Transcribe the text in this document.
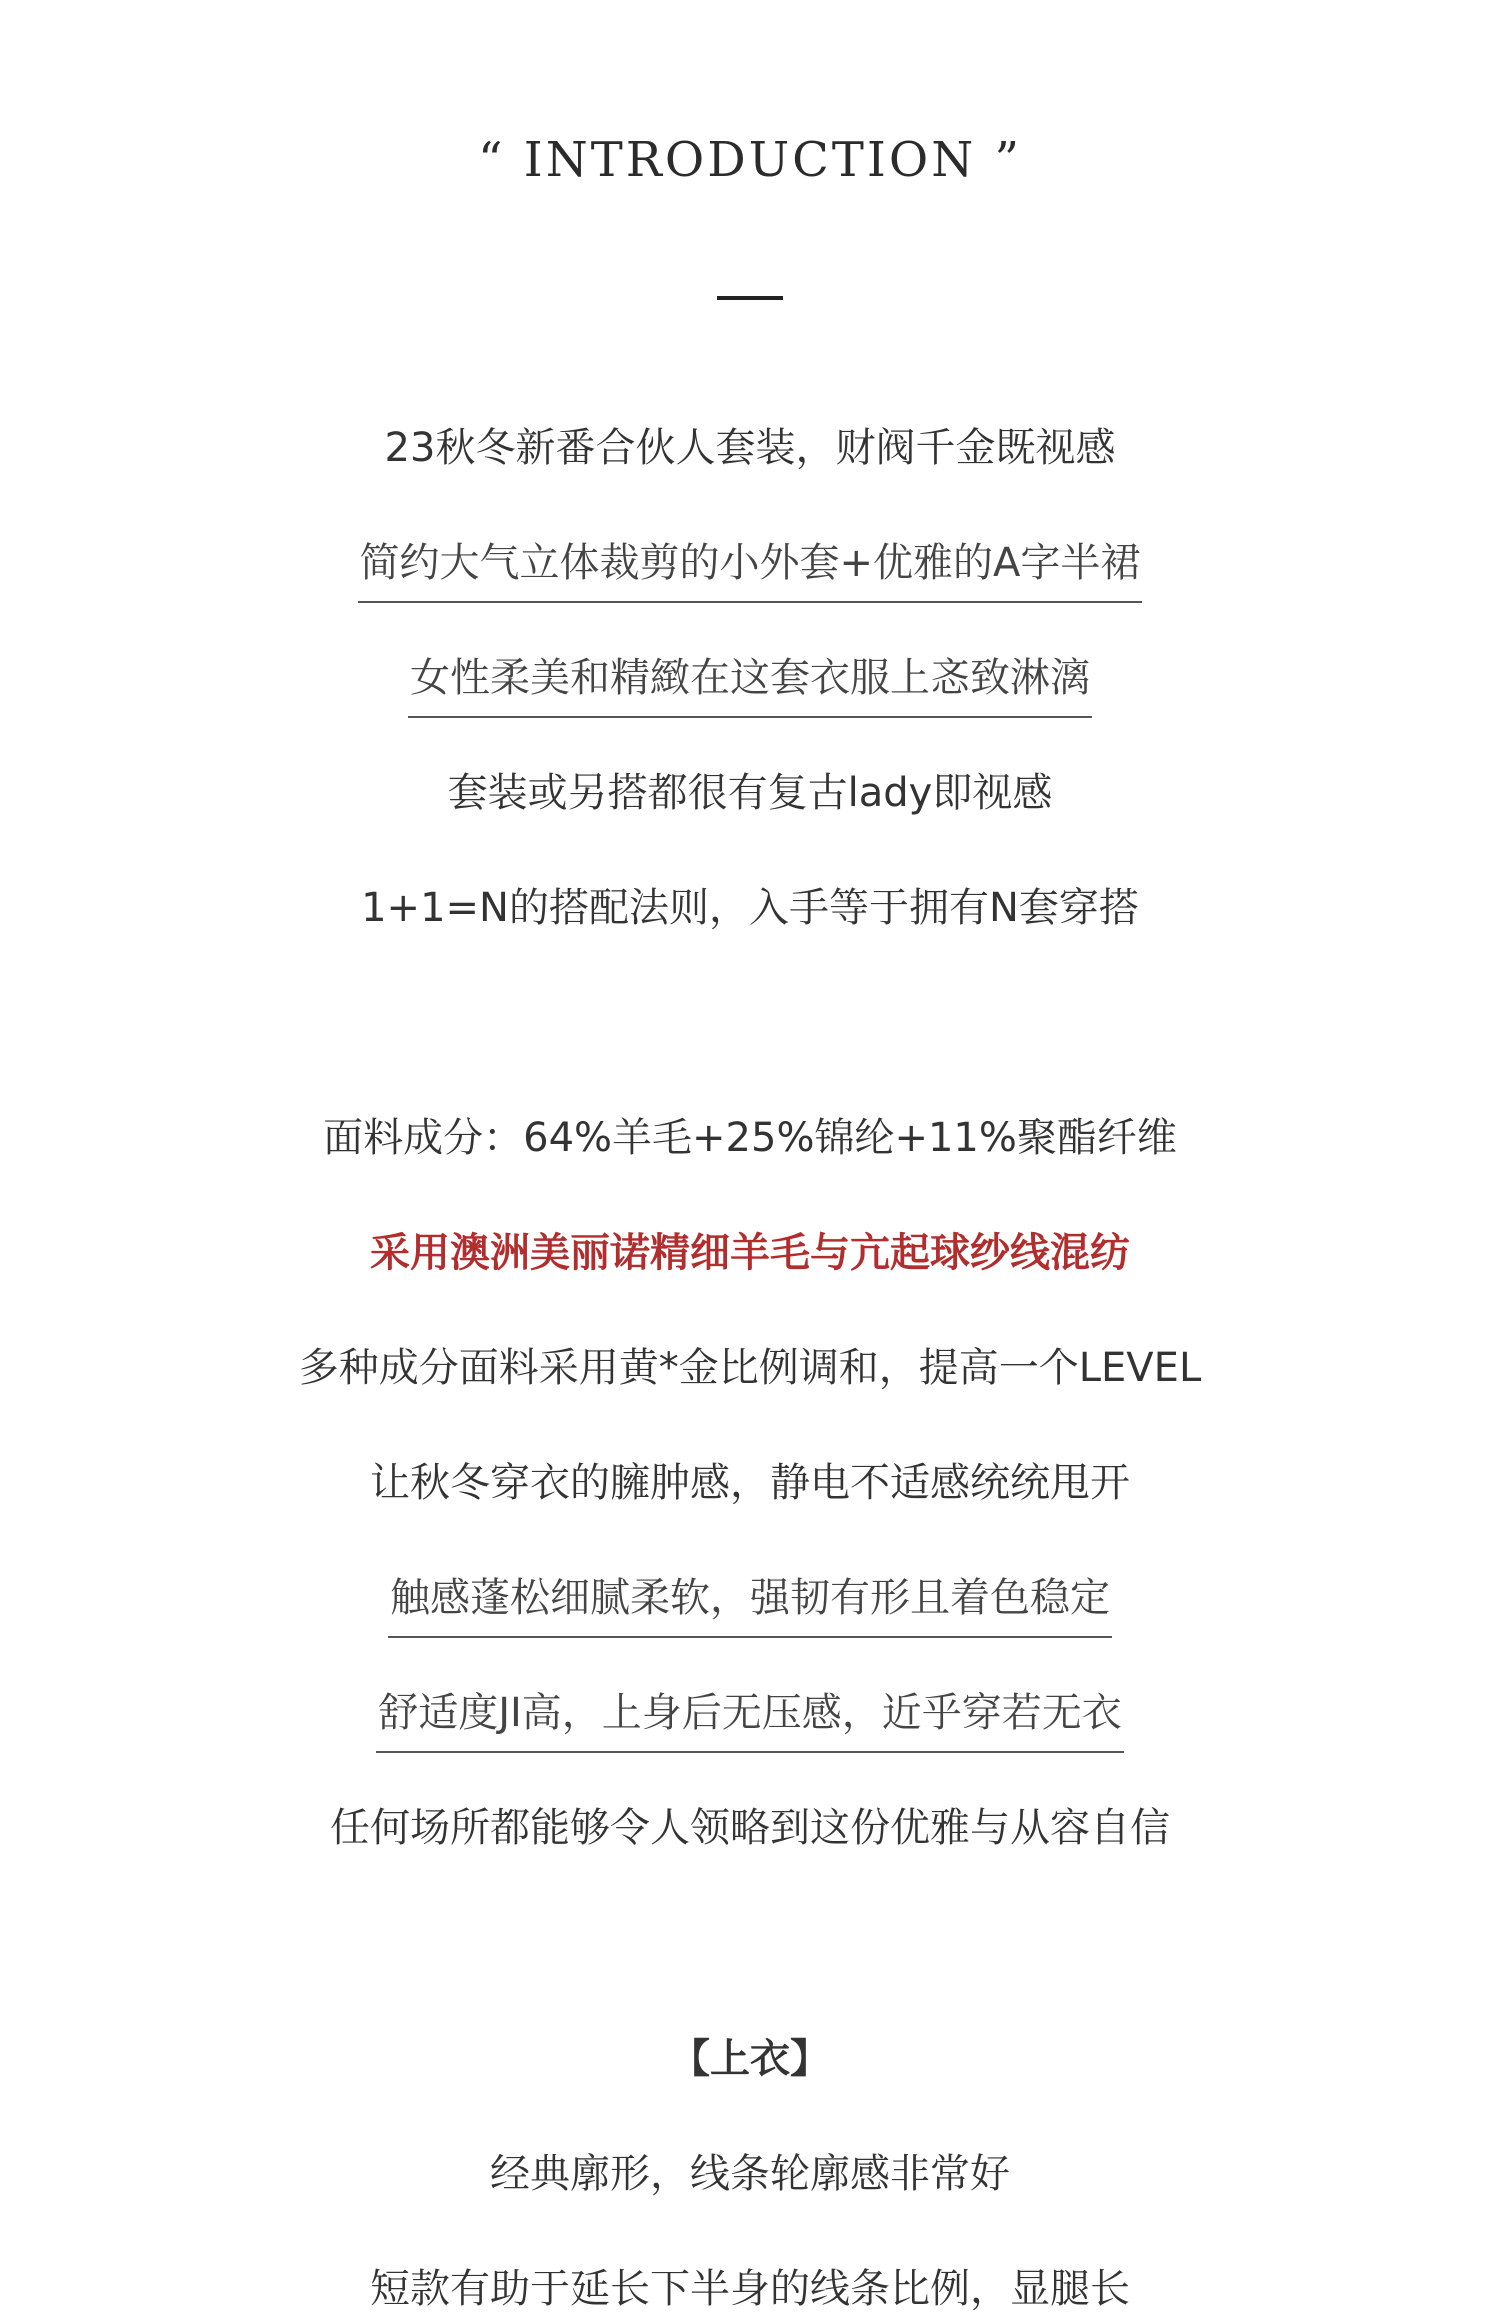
“ INTRODUCTION ”
23秋冬新番合伙人套装，财阀千金既视感
简约大气立体裁剪的小外套+优雅的A字半裙
女性柔美和精緻在这套衣服上忞致淋漓
套装或另搭都很有复古lady即视感
1+1=N的搭配法则，入手等于拥有N套穿搭
面料成分：64%羊毛+25%锦纶+11%聚酯纤维
采用澳洲美丽诺精细羊毛与亢起球纱线混纺
多种成分面料采用黄*金比例调和，提高一个LEVEL
让秋冬穿衣的臃肿感，静电不适感统统甩开
触感蓬松细腻柔软，强韧有形且着色稳定
舒适度JI高，上身后无压感，近乎穿若无衣
任何场所都能够令人领略到这份优雅与从容自信
【上衣】
经典廓形，线条轮廓感非常好
短款有助于延长下半身的线条比例，显腿长
